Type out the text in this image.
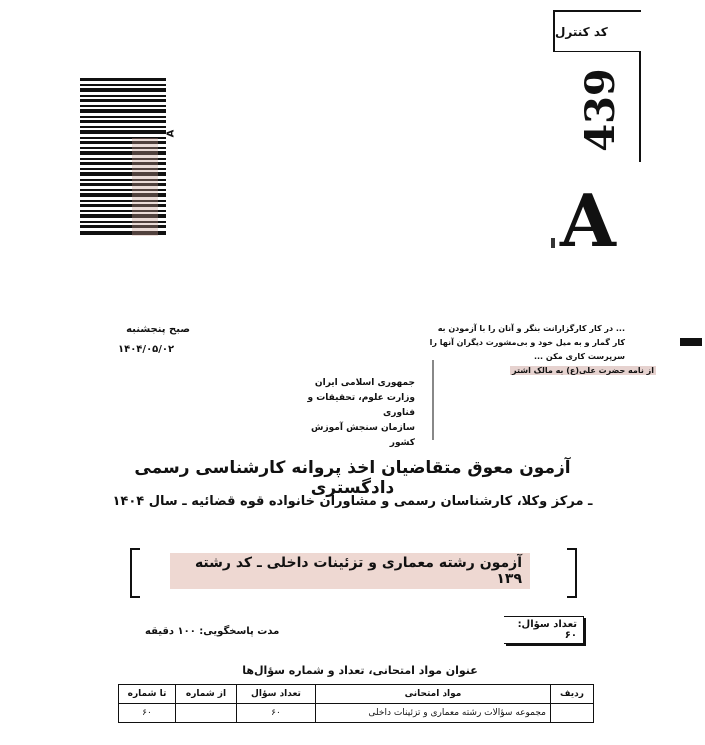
کد کنترل
439
A
A
صبح پنجشنبه
۱۴۰۴/۰۵/۰۲
... در کار کارگزارانت بنگر و آنان را با آزمودن به کار گمار و به میل خود و بی‌مشورت دیگران آنها را سرپرست کاری مکن ...
از نامه حضرت علی(ع) به مالک اشتر
جمهوری اسلامی ایران
وزارت علوم، تحقیقات و فناوری
سازمان سنجش آموزش کشور
آزمون معوق متقاضیان اخذ پروانه کارشناسی رسمی دادگستری
ـ مرکز وکلا، کارشناسان رسمی و مشاوران خانواده قوه قضائیه ـ سال ۱۴۰۴
آزمون رشته معماری و تزئینات داخلی ـ کد رشته ۱۳۹
تعداد سؤال: ۶۰
مدت پاسخگویی: ۱۰۰ دقیقه
عنوان مواد امتحانی، تعداد و شماره سؤال‌ها
ردیف	مواد امتحانی	تعداد سؤال	از شماره	تا شماره
	مجموعه سؤالات رشته معماری و تزئینات داخلی	۶۰		۶۰
